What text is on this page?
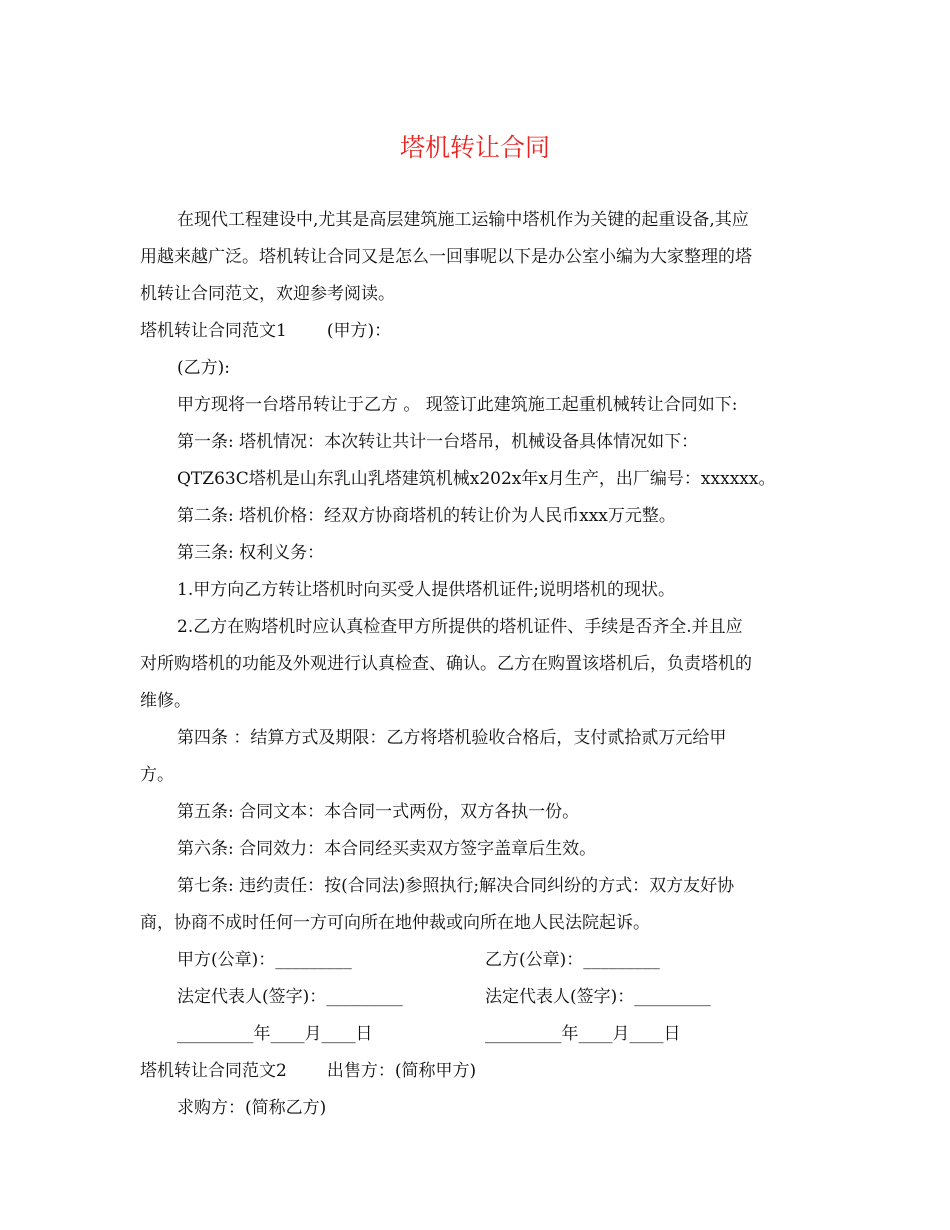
塔机转让合同

在现代工程建设中,尤其是高层建筑施工运输中塔机作为关键的起重设备,其应

用越来越广泛。塔机转让合同又是怎么一回事呢以下是办公室小编为大家整理的塔

机转让合同范文，欢迎参考阅读。

塔机转让合同范文1 (甲方)：

(乙方):

甲方现将一台塔吊转让于乙方 。 现签订此建筑施工起重机械转让合同如下:

第一条: 塔机情况：本次转让共计一台塔吊，机械设备具体情况如下：

QTZ63C塔机是山东乳山乳塔建筑机械x202x年x月生产，出厂编号：xxxxxx。

第二条: 塔机价格：经双方协商塔机的转让价为人民币xxx万元整。

第三条: 权利义务：

1.甲方向乙方转让塔机时向买受人提供塔机证件;说明塔机的现状。

2.乙方在购塔机时应认真检查甲方所提供的塔机证件、手续是否齐全.并且应

对所购塔机的功能及外观进行认真检查、确认。乙方在购置该塔机后，负责塔机的

维修。

第四条 ：结算方式及期限：乙方将塔机验收合格后，支付贰拾贰万元给甲

方。

第五条: 合同文本：本合同一式两份，双方各执一份。

第六条: 合同效力：本合同经买卖双方签字盖章后生效。

第七条: 违约责任：按(合同法)参照执行;解决合同纠纷的方式：双方友好协

商，协商不成时任何一方可向所在地仲裁或向所在地人民法院起诉。

甲方(公章)：_________	乙方(公章)：_________
法定代表人(签字)：_________	法定代表人(签字)：_________
_________年____月____日	_________年____月____日

塔机转让合同范文2 出售方：(简称甲方)

求购方：(简称乙方)
